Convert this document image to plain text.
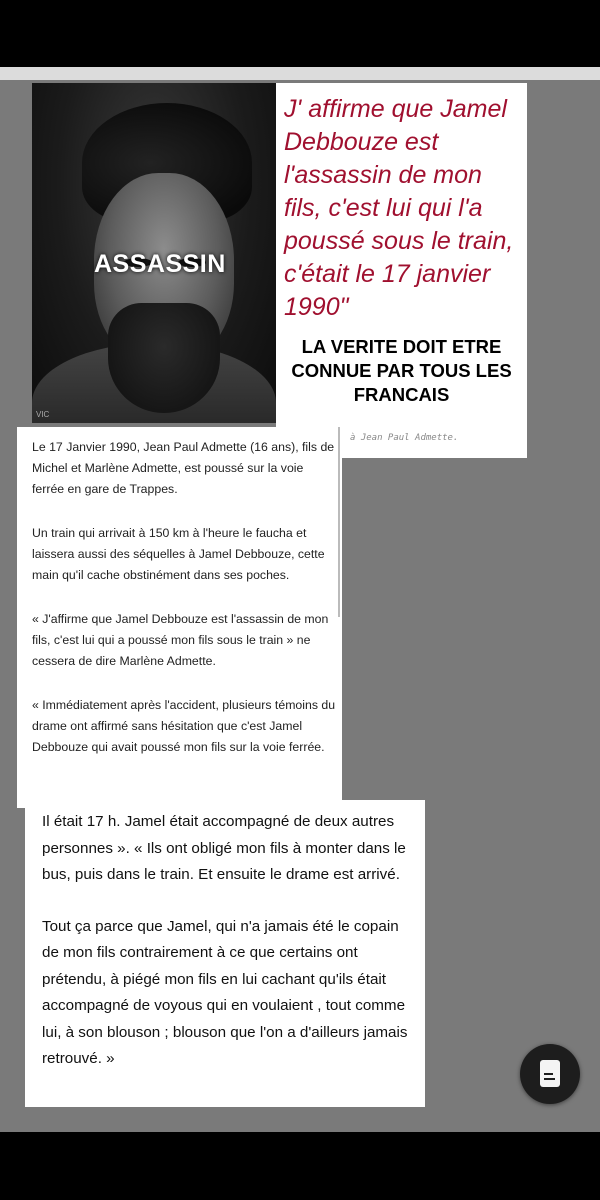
ASSASSIN
VIC
J' affirme que Jamel Debbouze est l'assassin de mon fils, c'est lui qui l'a poussé sous le train, c'était le 17 janvier 1990"
LA VERITE DOIT ETRE CONNUE PAR TOUS LES FRANCAIS
à Jean Paul Admette.

Le 17 Janvier 1990, Jean Paul Admette (16 ans), fils de Michel et Marlène Admette, est poussé sur la voie ferrée en gare de Trappes.

Un train qui arrivait à 150 km à l'heure le faucha et laissera aussi des séquelles à Jamel Debbouze, cette main qu'il cache obstinément dans ses poches.

« J'affirme que Jamel Debbouze est l'assassin de mon fils, c'est lui qui a poussé mon fils sous le train » ne cessera de dire Marlène Admette.

« Immédiatement après l'accident, plusieurs témoins du drame ont affirmé sans hésitation que c'est Jamel Debbouze qui avait poussé mon fils sur la voie ferrée.

Il était 17 h. Jamel était accompagné de deux autres personnes ». « Ils ont obligé mon fils à monter dans le bus, puis dans le train. Et ensuite le drame est arrivé.

Tout ça parce que Jamel, qui n'a jamais été le copain de mon fils contrairement à ce que certains ont prétendu, à piégé mon fils en lui cachant qu'ils était accompagné de voyous qui en voulaient , tout comme lui, à son blouson ; blouson que l'on a d'ailleurs jamais retrouvé. »
